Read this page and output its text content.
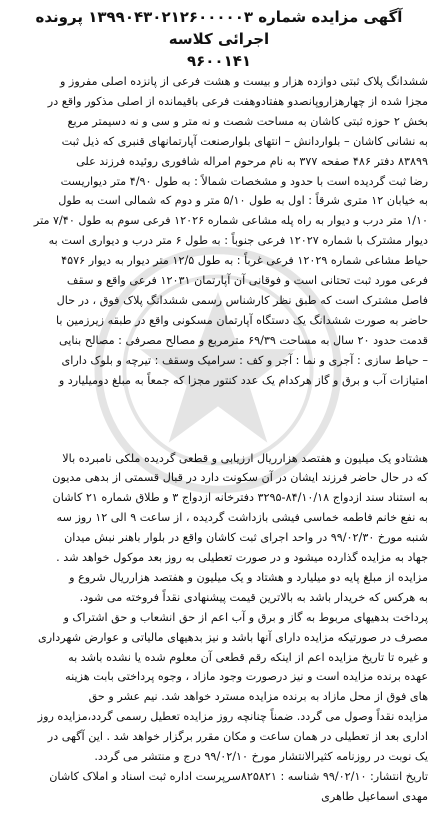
آگهی مزایده شماره ۱۳۹۹۰۴۳۰۲۱۲۶۰۰۰۰۰۳ پرونده اجرائی کلاسه
۹۶۰۰۱۴۱
ششدانگ پلاک ثبتی دوازده هزار و بیست و هشت فرعی از پانزده اصلی مفروز و
مجزا شده از چهارهزاروپانصدو هفتادوهفت فرعی باقیمانده از اصلی مذکور واقع در
بخش ۲ حوزه ثبتی کاشان به مساحت شصت و نه متر و سی و نه دسیمتر مربع
به نشانی کاشان – بلواردانش – انتهای بلوارصنعت آپارتمانهای قنبری که ذیل ثبت
۸۳۸۹۹ دفتر ۴۸۶ صفحه ۳۷۷ به نام مرحوم امراله شافوری روئیده فرزند علی
رضا ثبت گردیده است با حدود و مشخصات شمالاً : به طول ۴/۹۰ متر دیواریست
به خیابان ۱۲ متری شرقاً : اول به طول ۵/۱۰ متر و دوم که شمالی است به طول
۱/۱۰ متر درب و دیوار به راه پله مشاعی شماره ۱۲۰۲۶ فرعی سوم به طول ۷/۴۰ متر
دیوار مشترک با شماره ۱۲۰۲۷ فرعی جنوباً : به طول ۶ متر درب و دیواری است به
حیاط مشاعی شماره ۱۲۰۲۹ فرعی غرباً : به طول ۱۲/۵ متر دیوار به دیوار ۴۵۷۶
فرعی مورد ثبت تحتانی است و فوقانی آن آپارتمان ۱۲۰۳۱ فرعی واقع و سقف
فاصل مشترک است که طبق نظر کارشناس رسمی ششدانگ پلاک فوق ، در حال
حاضر به صورت ششدانگ یک دستگاه آپارتمان مسکونی واقع در طبقه زیرزمین با
قدمت حدود ۲۰ سال به مساحت ۶۹/۳۹ مترمربع و مصالح مصرفی : مصالح بنایی
– حیاط سازی : آجری و نما : آجر و کف : سرامیک وسقف : تیرچه و بلوک دارای
امتیازات آب و برق و گاز هرکدام یک عدد کنتور مجزا که جمعاً به مبلغ دومیلیارد و
هشتادو یک میلیون و هفتصد هزارریال ارزیابی و قطعی گردیده ملکی نامبرده بالا
که در حال حاضر فرزند ایشان در آن سکونت دارد در قبال قسمتی از بدهی مدیون
به استناد سند ازدواج ۸۴/۱۰/۱۸-۳۲۹۵ دفترخانه ازدواج ۳ و طلاق شماره ۲۱ کاشان
به نفع خانم فاطمه خماسی فیشی بازداشت گردیده ، از ساعت ۹ الی ۱۲ روز سه
شنبه مورخ ۹۹/۰۲/۳۰ در واحد اجرای ثبت کاشان واقع در بلوار باهنر نبش میدان
جهاد به مزایده گذارده میشود و در صورت تعطیلی به روز بعد موکول خواهد شد .
مزایده از مبلغ پایه دو میلیارد و هشتاد و یک میلیون و هفتصد هزارریال شروع و
به هرکس که خریدار باشد به بالاترین قیمت پیشنهادی نقداً فروخته می شود.
پرداخت بدهیهای مربوط به گاز و برق و آب اعم از حق انشعاب و حق اشتراک و
مصرف در صورتیکه مزایده دارای آنها باشد و نیز بدهیهای مالیاتی و عوارض شهرداری
و غیره تا تاریخ مزایده اعم از اینکه رقم قطعی آن معلوم شده یا نشده باشد به
عهده برنده مزایده است و نیز درصورت وجود مازاد ، وجوه پرداختی بابت هزینه
های فوق از محل مازاد به برنده مزایده مسترد خواهد شد. نیم عشر و حق
مزایده نقداً وصول می گردد. ضمناً چنانچه روز مزایده تعطیل رسمی گردد،مزایده روز
اداری بعد از تعطیلی در همان ساعت و مکان مقرر برگزار خواهد شد . این آگهی در
یک نوبت در روزنامه کثیرالانتشار مورخ ۹۹/۰۲/۱۰ درج و منتشر می گردد.
تاریخ انتشار: ۹۹/۰۲/۱۰ شناسه : ۸۲۵۸۲۱سرپرست اداره ثبت اسناد و املاک کاشان
مهدی اسماعیل طاهری
